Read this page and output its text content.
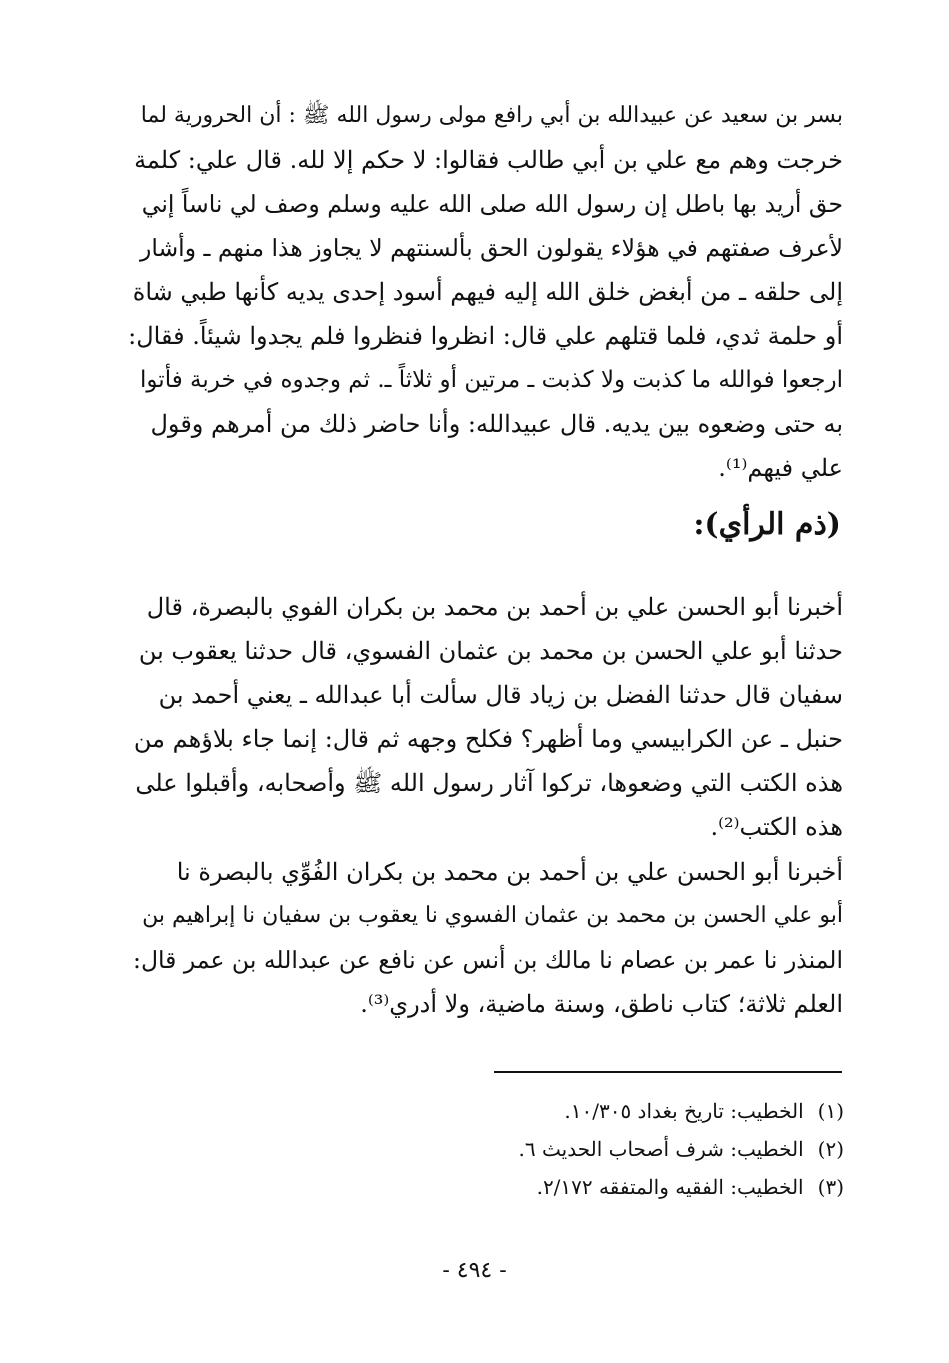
بسر بن سعيد عن عبيدالله بن أبي رافع مولى رسول الله ﷺ : أن الحرورية لما
خرجت وهم مع علي بن أبي طالب فقالوا: لا حكم إلا لله. قال علي: كلمة
حق أريد بها باطل إن رسول الله صلى الله عليه وسلم وصف لي ناساً إني
لأعرف صفتهم في هؤلاء يقولون الحق بألسنتهم لا يجاوز هذا منهم ـ وأشار
إلى حلقه ـ من أبغض خلق الله إليه فيهم أسود إحدى يديه كأنها طبي شاة
أو حلمة ثدي، فلما قتلهم علي قال: انظروا فنظروا فلم يجدوا شيئاً. فقال:
ارجعوا فوالله ما كذبت ولا كذبت ـ مرتين أو ثلاثاً ـ. ثم وجدوه في خربة فأتوا
به حتى وضعوه بين يديه. قال عبيدالله: وأنا حاضر ذلك من أمرهم وقول
علي فيهم⁽¹⁾.
(ذم الرأي):
أخبرنا أبو الحسن علي بن أحمد بن محمد بن بكران الفوي بالبصرة، قال
حدثنا أبو علي الحسن بن محمد بن عثمان الفسوي، قال حدثنا يعقوب بن
سفيان قال حدثنا الفضل بن زياد قال سألت أبا عبدالله ـ يعني أحمد بن
حنبل ـ عن الكرابيسي وما أظهر؟ فكلح وجهه ثم قال: إنما جاء بلاؤهم من
هذه الكتب التي وضعوها، تركوا آثار رسول الله ﷺ وأصحابه، وأقبلوا على
هذه الكتب⁽²⁾.
أخبرنا أبو الحسن علي بن أحمد بن محمد بن بكران الفُوِّي بالبصرة نا
أبو علي الحسن بن محمد بن عثمان الفسوي نا يعقوب بن سفيان نا إبراهيم بن
المنذر نا عمر بن عصام نا مالك بن أنس عن نافع عن عبدالله بن عمر قال:
العلم ثلاثة؛ كتاب ناطق، وسنة ماضية، ولا أدري⁽³⁾.
(١)الخطيب: تاريخ بغداد ١٠/٣٠٥.
(٢)الخطيب: شرف أصحاب الحديث ٦.
(٣)الخطيب: الفقيه والمتفقه ٢/١٧٢.
- ٤٩٤ -
